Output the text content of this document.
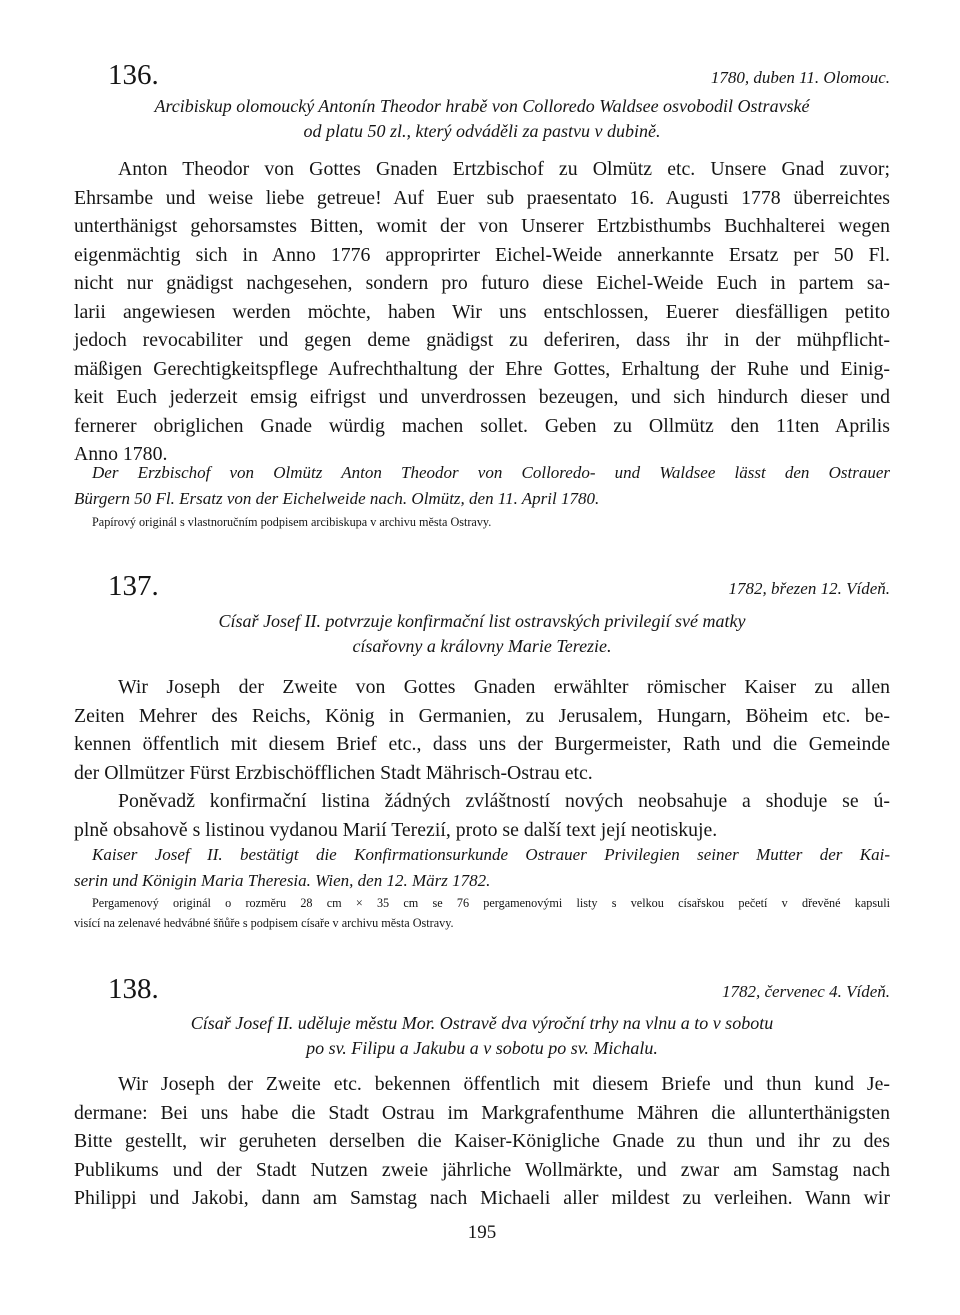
136.	1780, duben 11. Olomouc.
Arcibiskup olomoucký Antonín Theodor hrabě von Colloredo Waldsee osvobodil Ostravské
od platu 50 zl., který odváděli za pastvu v dubině.
Anton Theodor von Gottes Gnaden Ertzbischof zu Olmütz etc. Unsere Gnad zuvor;
Ehrsambe und weise liebe getreue! Auf Euer sub praesentato 16. Augusti 1778 überreichtes
unterthänigst gehorsamstes Bitten, womit der von Unserer Ertzbisthumbs Buchhalterei wegen
eigenmächtig sich in Anno 1776 approprirter Eichel-Weide annerkannte Ersatz per 50 Fl.
nicht nur gnädigst nachgesehen, sondern pro futuro diese Eichel-Weide Euch in partem sa-
larii angewiesen werden möchte, haben Wir uns entschlossen, Euerer diesfälligen petito
jedoch revocabiliter und gegen deme gnädigst zu deferiren, dass ihr in der mühpflicht-
mäßigen Gerechtigkeitspflege Aufrechthaltung der Ehre Gottes, Erhaltung der Ruhe und Einig-
keit Euch jederzeit emsig eifrigst und unverdrossen bezeugen, und sich hindurch dieser und
fernerer obriglichen Gnade würdig machen sollet. Geben zu Ollmütz den 11ten Aprilis
Anno 1780.
Der Erzbischof von Olmütz Anton Theodor von Colloredo- und Waldsee lässt den Ostrauer
Bürgern 50 Fl. Ersatz von der Eichelweide nach. Olmütz, den 11. April 1780.
Papírový originál s vlastnoručním podpisem arcibiskupa v archivu města Ostravy.
137.	1782, březen 12. Vídeň.
Císař Josef II. potvrzuje konfirmační list ostravských privilegií své matky
císařovny a královny Marie Terezie.
Wir Joseph der Zweite von Gottes Gnaden erwählter römischer Kaiser zu allen
Zeiten Mehrer des Reichs, König in Germanien, zu Jerusalem, Hungarn, Böheim etc. be-
kennen öffentlich mit diesem Brief etc., dass uns der Burgermeister, Rath und die Gemeinde
der Ollmützer Fürst Erzbischöfflichen Stadt Mährisch-Ostrau etc.
Poněvadž konfirmační listina žádných zvláštností nových neobsahuje a shoduje se ú-
plně obsahově s listinou vydanou Marií Terezií, proto se další text její neotiskuje.
Kaiser Josef II. bestätigt die Konfirmationsurkunde Ostrauer Privilegien seiner Mutter der Kai-
serin und Königin Maria Theresia. Wien, den 12. März 1782.
Pergamenový originál o rozměru 28 cm × 35 cm se 76 pergamenovými listy s velkou císařskou pečetí v dřevěné kapsuli
visící na zelenavé hedvábné šňůře s podpisem císaře v archivu města Ostravy.
138.	1782, červenec 4. Vídeň.
Císař Josef II. uděluje městu Mor. Ostravě dva výroční trhy na vlnu a to v sobotu
po sv. Filipu a Jakubu a v sobotu po sv. Michalu.
Wir Joseph der Zweite etc. bekennen öffentlich mit diesem Briefe und thun kund Je-
dermane: Bei uns habe die Stadt Ostrau im Markgrafenthume Mähren die allunterthänigsten
Bitte gestellt, wir geruheten derselben die Kaiser-Königliche Gnade zu thun und ihr zu des
Publikums und der Stadt Nutzen zweie jährliche Wollmärkte, und zwar am Samstag nach
Philippi und Jakobi, dann am Samstag nach Michaeli aller mildest zu verleihen. Wann wir
195
